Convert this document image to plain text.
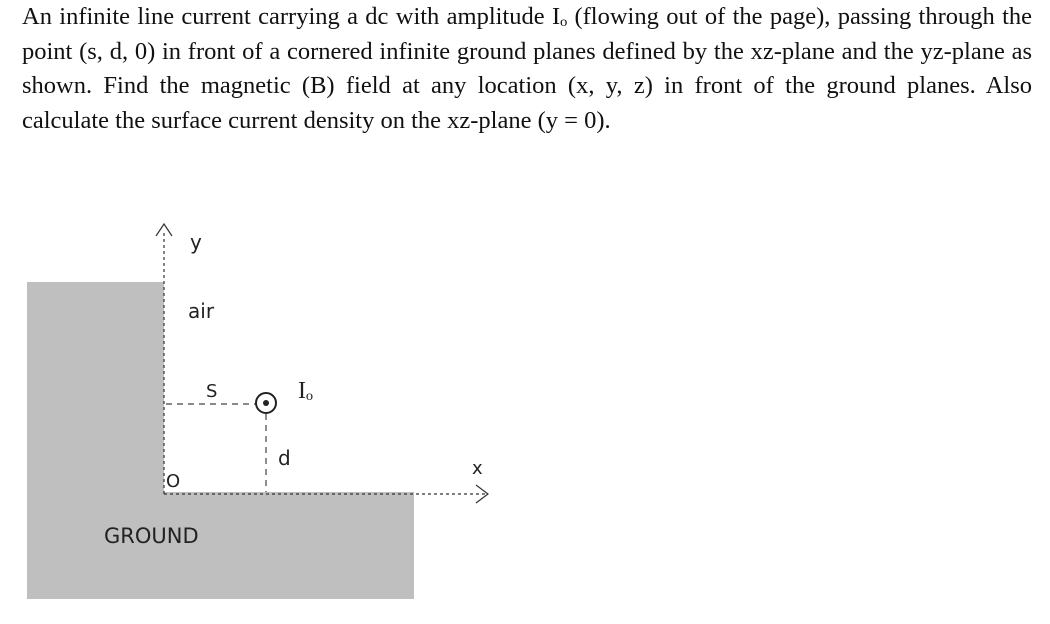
An infinite line current carrying a dc with amplitude Iₒ (flowing out of the page), passing through the point (s, d, 0) in front of a cornered infinite ground planes defined by the xz-plane and the yz-plane as shown. Find the magnetic (B) field at any location (x, y, z) in front of the ground planes. Also calculate the surface current density on the xz-plane (y = 0).

y
air
S	Iₒ
d
O
x
GROUND
